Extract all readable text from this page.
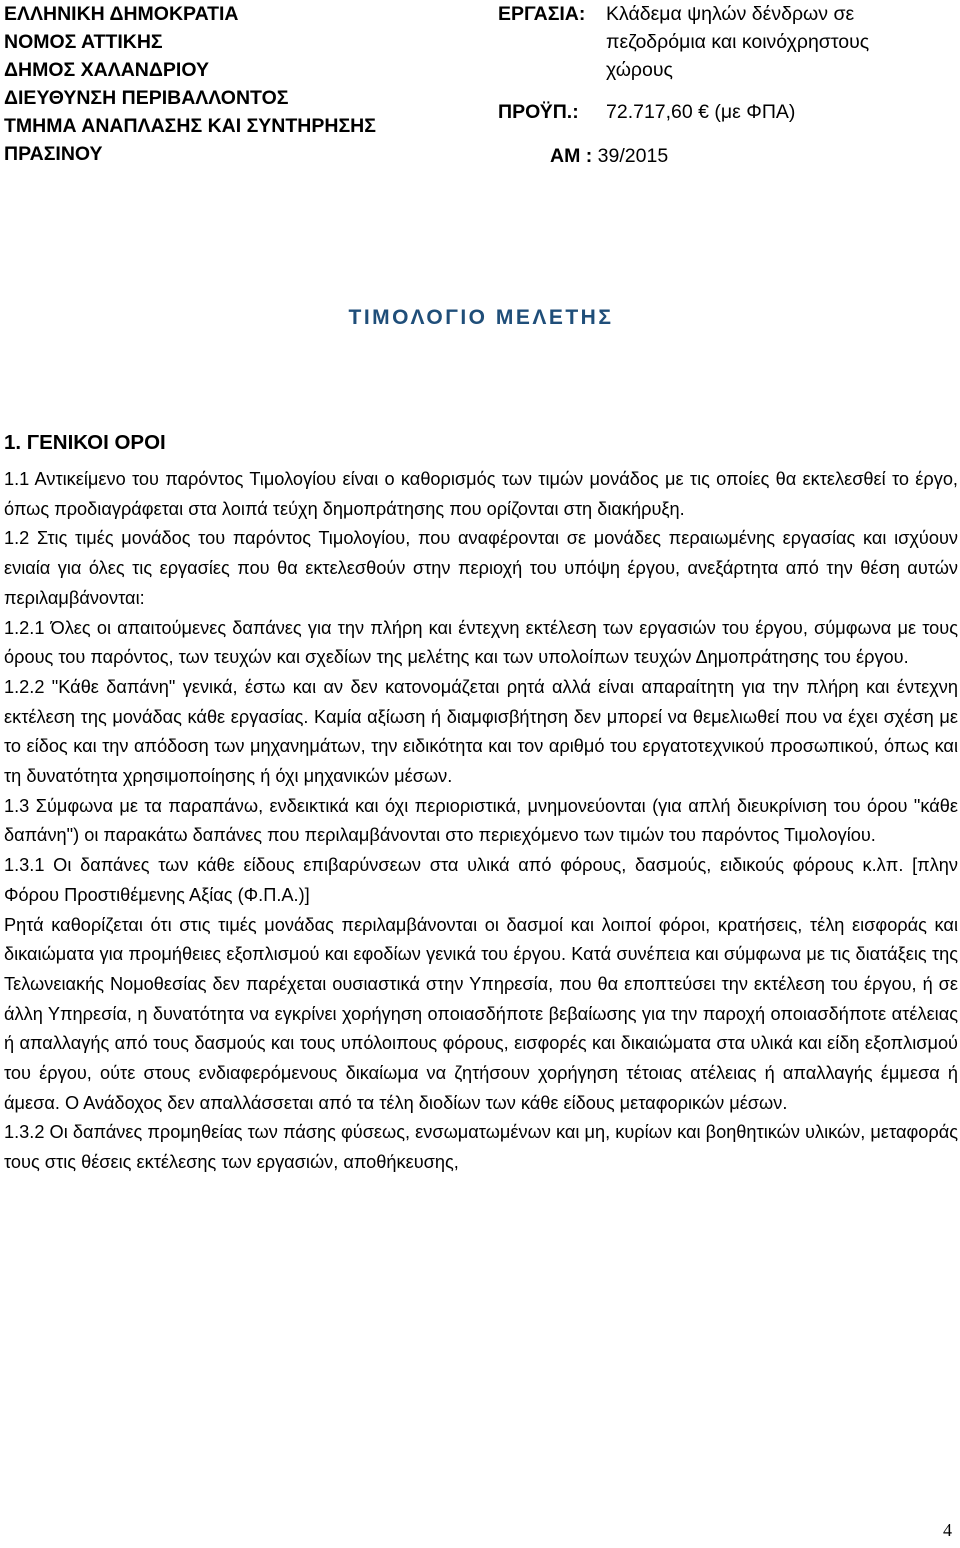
ΕΛΛΗΝΙΚΗ ΔΗΜΟΚΡΑΤΙΑ
ΝΟΜΟΣ ΑΤΤΙΚΗΣ
ΔΗΜΟΣ ΧΑΛΑΝΔΡΙΟΥ
ΔΙΕΥΘΥΝΣΗ ΠΕΡΙΒΑΛΛΟΝΤΟΣ
ΤΜΗΜΑ ΑΝΑΠΛΑΣΗΣ ΚΑΙ ΣΥΝΤΗΡΗΣΗΣ
ΠΡΑΣΙΝΟΥ
ΕΡΓΑΣΙΑ:	Κλάδεμα ψηλών δένδρων σε πεζοδρόμια και κοινόχρηστους χώρους
ΠΡΟΫΠ.:	72.717,60 € (με ΦΠΑ)
ΑΜ : 39/2015
ΤΙΜΟΛΟΓΙΟ ΜΕΛΕΤΗΣ
1. ΓΕΝΙΚΟΙ ΟΡΟΙ

1.1 Αντικείμενο του παρόντος Τιμολογίου είναι ο καθορισμός των τιμών μονάδος με τις οποίες θα εκτελεσθεί το έργο, όπως προδιαγράφεται στα λοιπά τεύχη δημοπράτησης που ορίζονται στη διακήρυξη.

1.2 Στις τιμές μονάδος του παρόντος Τιμολογίου, που αναφέρονται σε μονάδες περαιωμένης εργασίας και ισχύουν ενιαία για όλες τις εργασίες που θα εκτελεσθούν στην περιοχή του υπόψη έργου, ανεξάρτητα από την θέση αυτών περιλαμβάνονται:

1.2.1 Όλες οι απαιτούμενες δαπάνες για την πλήρη και έντεχνη εκτέλεση των εργασιών του έργου, σύμφωνα με τους όρους του παρόντος, των τευχών και σχεδίων της μελέτης και των υπολοίπων τευχών Δημοπράτησης του έργου.

1.2.2 "Κάθε δαπάνη" γενικά, έστω και αν δεν κατονομάζεται ρητά αλλά είναι απαραίτητη για την πλήρη και έντεχνη εκτέλεση της μονάδας κάθε εργασίας. Καμία αξίωση ή διαμφισβήτηση δεν μπορεί να θεμελιωθεί που να έχει σχέση με το είδος και την απόδοση των μηχανημάτων, την ειδικότητα και τον αριθμό του εργατοτεχνικού προσωπικού, όπως και τη δυνατότητα χρησιμοποίησης ή όχι μηχανικών μέσων.

1.3 Σύμφωνα με τα παραπάνω, ενδεικτικά και όχι περιοριστικά, μνημονεύονται (για απλή διευκρίνιση του όρου "κάθε δαπάνη") οι παρακάτω δαπάνες που περιλαμβάνονται στο περιεχόμενο των τιμών του παρόντος Τιμολογίου.

1.3.1 Οι δαπάνες των κάθε είδους επιβαρύνσεων στα υλικά από φόρους, δασμούς, ειδικούς φόρους κ.λπ. [πλην Φόρου Προστιθέμενης Αξίας (Φ.Π.Α.)]

Ρητά καθορίζεται ότι στις τιμές μονάδας περιλαμβάνονται οι δασμοί και λοιποί φόροι, κρατήσεις, τέλη εισφοράς και δικαιώματα για προμήθειες εξοπλισμού και εφοδίων γενικά του έργου. Κατά συνέπεια και σύμφωνα με τις διατάξεις της Τελωνειακής Νομοθεσίας δεν παρέχεται ουσιαστικά στην Υπηρεσία, που θα εποπτεύσει την εκτέλεση του έργου, ή σε άλλη Υπηρεσία, η δυνατότητα να εγκρίνει χορήγηση οποιασδήποτε βεβαίωσης για την παροχή οποιασδήποτε ατέλειας ή απαλλαγής από τους δασμούς και τους υπόλοιπους φόρους, εισφορές και δικαιώματα στα υλικά και είδη εξοπλισμού του έργου, ούτε στους ενδιαφερόμενους δικαίωμα να ζητήσουν χορήγηση τέτοιας ατέλειας ή απαλλαγής έμμεσα ή άμεσα. Ο Ανάδοχος δεν απαλλάσσεται από τα τέλη διοδίων των κάθε είδους μεταφορικών μέσων.

1.3.2 Οι δαπάνες προμηθείας των πάσης φύσεως, ενσωματωμένων και μη, κυρίων και βοηθητικών υλικών, μεταφοράς τους στις θέσεις εκτέλεσης των εργασιών, αποθήκευσης,

4
